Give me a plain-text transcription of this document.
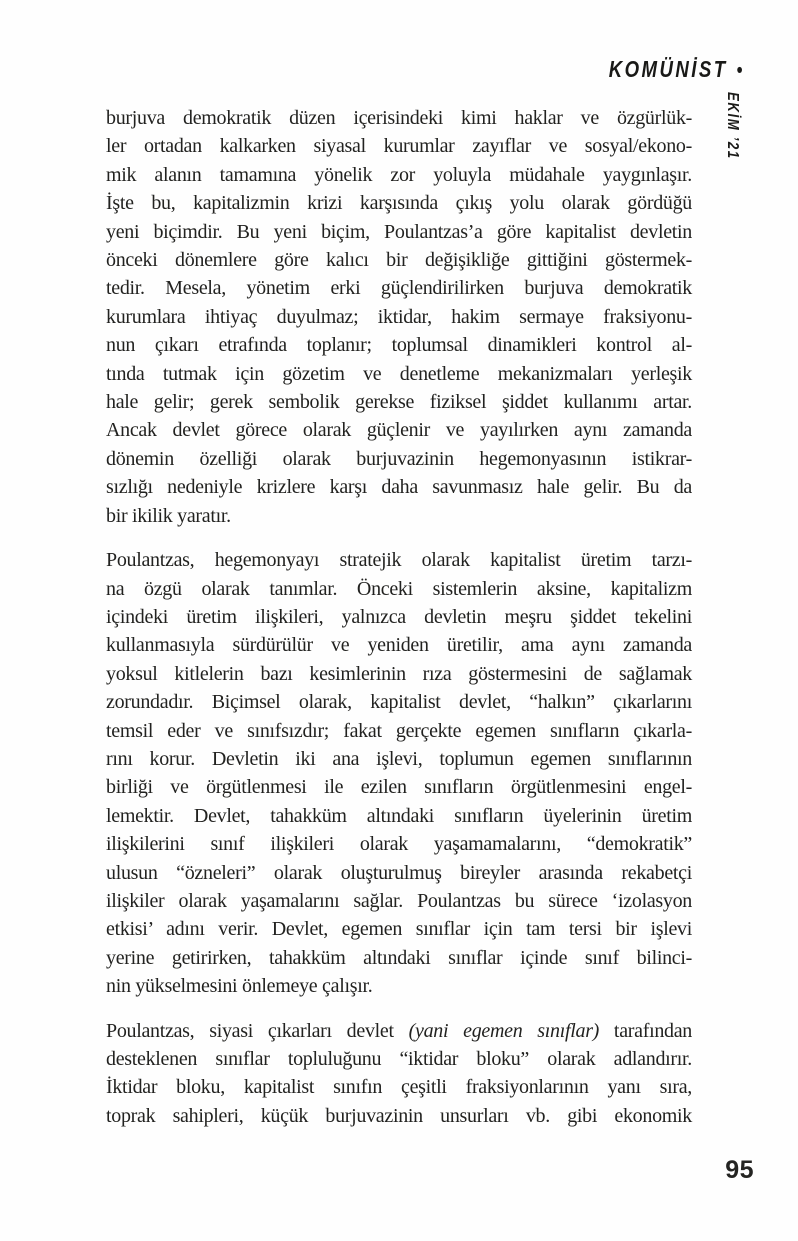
KOMÜNİST •
EKİM ’21
burjuva demokratik düzen içerisindeki kimi haklar ve özgürlük-
ler ortadan kalkarken siyasal kurumlar zayıflar ve sosyal/ekono-
mik alanın tamamına yönelik zor yoluyla müdahale yaygınlaşır.
İşte bu, kapitalizmin krizi karşısında çıkış yolu olarak gördüğü
yeni biçimdir. Bu yeni biçim, Poulantzas’a göre kapitalist devletin
önceki dönemlere göre kalıcı bir değişikliğe gittiğini göstermek-
tedir. Mesela, yönetim erki güçlendirilirken burjuva demokratik
kurumlara ihtiyaç duyulmaz; iktidar, hakim sermaye fraksiyonu-
nun çıkarı etrafında toplanır; toplumsal dinamikleri kontrol al-
tında tutmak için gözetim ve denetleme mekanizmaları yerleşik
hale gelir; gerek sembolik gerekse fiziksel şiddet kullanımı artar.
Ancak devlet görece olarak güçlenir ve yayılırken aynı zamanda
dönemin özelliği olarak burjuvazinin hegemonyasının istikrar-
sızlığı nedeniyle krizlere karşı daha savunmasız hale gelir. Bu da
bir ikilik yaratır.
Poulantzas, hegemonyayı stratejik olarak kapitalist üretim tarzı-
na özgü olarak tanımlar. Önceki sistemlerin aksine, kapitalizm
içindeki üretim ilişkileri, yalnızca devletin meşru şiddet tekelini
kullanmasıyla sürdürülür ve yeniden üretilir, ama aynı zamanda
yoksul kitlelerin bazı kesimlerinin rıza göstermesini de sağlamak
zorundadır. Biçimsel olarak, kapitalist devlet, “halkın” çıkarlarını
temsil eder ve sınıfsızdır; fakat gerçekte egemen sınıfların çıkarla-
rını korur. Devletin iki ana işlevi, toplumun egemen sınıflarının
birliği ve örgütlenmesi ile ezilen sınıfların örgütlenmesini engel-
lemektir. Devlet, tahakküm altındaki sınıfların üyelerinin üretim
ilişkilerini sınıf ilişkileri olarak yaşamamalarını, “demokratik”
ulusun “özneleri” olarak oluşturulmuş bireyler arasında rekabetçi
ilişkiler olarak yaşamalarını sağlar. Poulantzas bu sürece ‘izolasyon
etkisi’ adını verir. Devlet, egemen sınıflar için tam tersi bir işlevi
yerine getirirken, tahakküm altındaki sınıflar içinde sınıf bilinci-
nin yükselmesini önlemeye çalışır.
Poulantzas, siyasi çıkarları devlet (yani egemen sınıflar) tarafından
desteklenen sınıflar topluluğunu “iktidar bloku” olarak adlandırır.
İktidar bloku, kapitalist sınıfın çeşitli fraksiyonlarının yanı sıra,
toprak sahipleri, küçük burjuvazinin unsurları vb. gibi ekonomik
95
